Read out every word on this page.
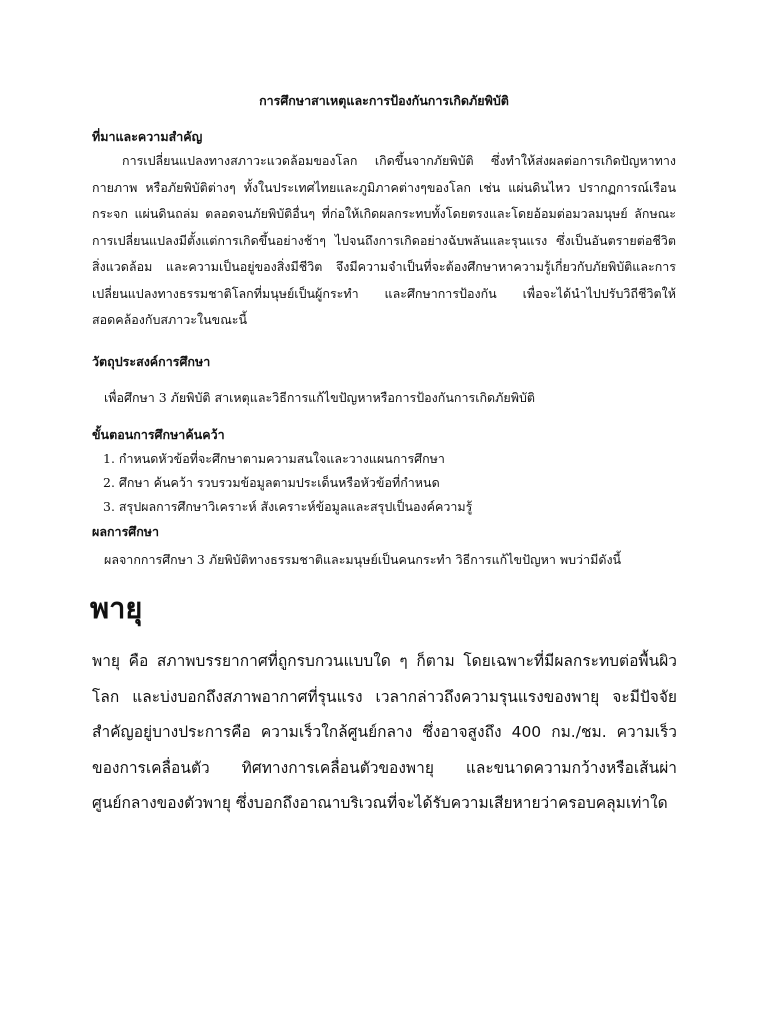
การศึกษาสาเหตุและการป้องกันการเกิดภัยพิบัติ
ที่มาและความสำคัญ
การเปลี่ยนแปลงทางสภาวะแวดล้อมของโลก เกิดขึ้นจากภัยพิบัติ ซึ่งทำให้ส่งผลต่อการเกิดปัญหาทางกายภาพ หรือภัยพิบัติต่างๆ ทั้งในประเทศไทยและภูมิภาคต่างๆของโลก เช่น แผ่นดินไหว ปรากฏการณ์เรือนกระจก แผ่นดินถล่ม ตลอดจนภัยพิบัติอื่นๆ ที่ก่อให้เกิดผลกระทบทั้งโดยตรงและโดยอ้อมต่อมวลมนุษย์ ลักษณะการเปลี่ยนแปลงมีตั้งแต่การเกิดขึ้นอย่างช้าๆ ไปจนถึงการเกิดอย่างฉับพลันและรุนแรง ซึ่งเป็นอันตรายต่อชีวิต สิ่งแวดล้อม และความเป็นอยู่ของสิ่งมีชีวิต จึงมีความจำเป็นที่จะต้องศึกษาหาความรู้เกี่ยวกับภัยพิบัติและการเปลี่ยนแปลงทางธรรมชาติโลกที่มนุษย์เป็นผู้กระทำ และศึกษาการป้องกัน เพื่อจะได้นำไปปรับวิถีชีวิตให้สอดคล้องกับสภาวะในขณะนี้
วัตถุประสงค์การศึกษา
เพื่อศึกษา 3 ภัยพิบัติ สาเหตุและวิธีการแก้ไขปัญหาหรือการป้องกันการเกิดภัยพิบัติ
ขั้นตอนการศึกษาค้นคว้า
1. กำหนดหัวข้อที่จะศึกษาตามความสนใจและวางแผนการศึกษา
2. ศึกษา ค้นคว้า รวบรวมข้อมูลตามประเด็นหรือหัวข้อที่กำหนด
3. สรุปผลการศึกษาวิเคราะห์ สังเคราะห์ข้อมูลและสรุปเป็นองค์ความรู้
ผลการศึกษา
ผลจากการศึกษา 3 ภัยพิบัติทางธรรมชาติและมนุษย์เป็นคนกระทำ วิธีการแก้ไขปัญหา พบว่ามีดังนี้
พายุ
พายุ คือ สภาพบรรยากาศที่ถูกรบกวนแบบใด ๆ ก็ตาม โดยเฉพาะที่มีผลกระทบต่อพื้นผิวโลก และบ่งบอกถึงสภาพอากาศที่รุนแรง เวลากล่าวถึงความรุนแรงของพายุ จะมีปัจจัยสำคัญอยู่บางประการคือ ความเร็วใกล้ศูนย์กลาง ซึ่งอาจสูงถึง 400 กม./ชม. ความเร็วของการเคลื่อนตัว ทิศทางการเคลื่อนตัวของพายุ และขนาดความกว้างหรือเส้นผ่าศูนย์กลางของตัวพายุ ซึ่งบอกถึงอาณาบริเวณที่จะได้รับความเสียหายว่าครอบคลุมเท่าใด
